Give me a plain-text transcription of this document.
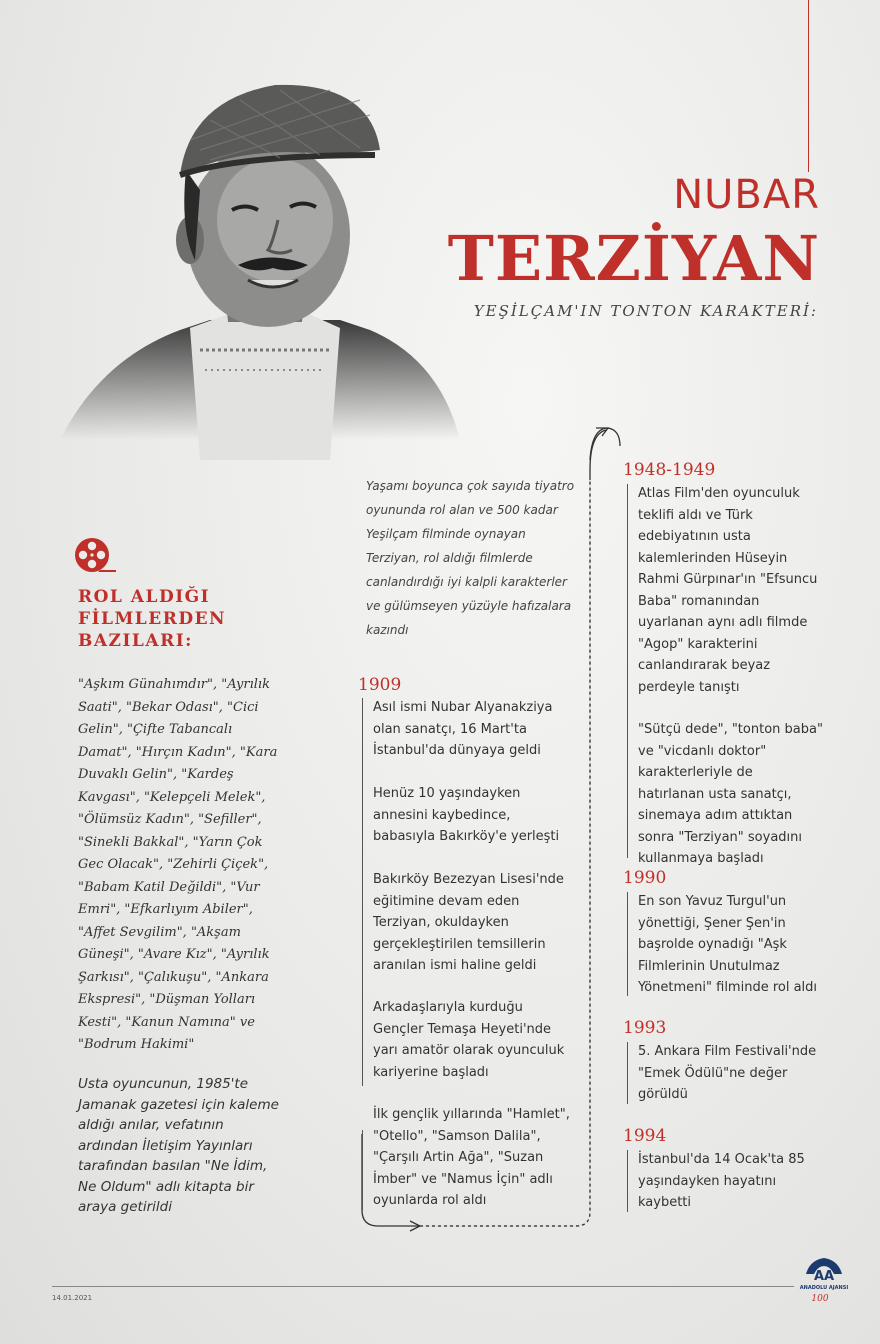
NUBAR
TERZİYAN
YEŞİLÇAM'IN TONTON KARAKTERİ:
Yaşamı boyunca çok sayıda tiyatro oyununda rol alan ve 500 kadar Yeşilçam filminde oynayan Terziyan, rol aldığı filmlerde canlandırdığı iyi kalpli karakterler ve gülümseyen yüzüyle hafızalara kazındı
ROL ALDIĞI
FİLMLERDEN
BAZILARI:
"Aşkım Günahımdır", "Ayrılık Saati", "Bekar Odası", "Cici Gelin", "Çifte Tabancalı Damat", "Hırçın Kadın", "Kara Duvaklı Gelin", "Kardeş Kavgası", "Kelepçeli Melek", "Ölümsüz Kadın", "Sefiller", "Sinekli Bakkal", "Yarın Çok Gec Olacak", "Zehirli Çiçek", "Babam Katil Değildi", "Vur Emri", "Efkarlıyım Abiler", "Affet Sevgilim", "Akşam Güneşi", "Avare Kız", "Ayrılık Şarkısı", "Çalıkuşu", "Ankara Ekspresi", "Düşman Yolları Kesti", "Kanun Namına" ve "Bodrum Hakimi"
Usta oyuncunun, 1985'te Jamanak gazetesi için kaleme aldığı anılar, vefatının ardından İletişim Yayınları tarafından basılan "Ne İdim, Ne Oldum" adlı kitapta bir araya getirildi
1909
Asıl ismi Nubar Alyanakziya olan sanatçı, 16 Mart'ta İstanbul'da dünyaya geldi
Henüz 10 yaşındayken annesini kaybedince, babasıyla Bakırköy'e yerleşti
Bakırköy Bezezyan Lisesi'nde eğitimine devam eden Terziyan, okuldayken gerçekleştirilen temsillerin aranılan ismi haline geldi
Arkadaşlarıyla kurduğu Gençler Temaşa Heyeti'nde yarı amatör olarak oyunculuk kariyerine başladı
İlk gençlik yıllarında "Hamlet", "Otello", "Samson Dalila", "Çarşılı Artin Ağa", "Suzan İmber" ve "Namus İçin" adlı oyunlarda rol aldı
1948-1949
Atlas Film'den oyunculuk teklifi aldı ve Türk edebiyatının usta kalemlerinden Hüseyin Rahmi Gürpınar'ın "Efsuncu Baba" romanından uyarlanan aynı adlı filmde "Agop" karakterini canlandırarak beyaz perdeyle tanıştı
"Sütçü dede", "tonton baba" ve "vicdanlı doktor" karakterleriyle de hatırlanan usta sanatçı, sinemaya adım attıktan sonra "Terziyan" soyadını kullanmaya başladı
1990
En son Yavuz Turgul'un yönettiği, Şener Şen'in başrolde oynadığı "Aşk Filmlerinin Unutulmaz Yönetmeni" filminde rol aldı
1993
5. Ankara Film Festivali'nde "Emek Ödülü"ne değer görüldü
1994
İstanbul'da 14 Ocak'ta 85 yaşındayken hayatını kaybetti
14.01.2021
AA
ANADOLU AJANSI
100
